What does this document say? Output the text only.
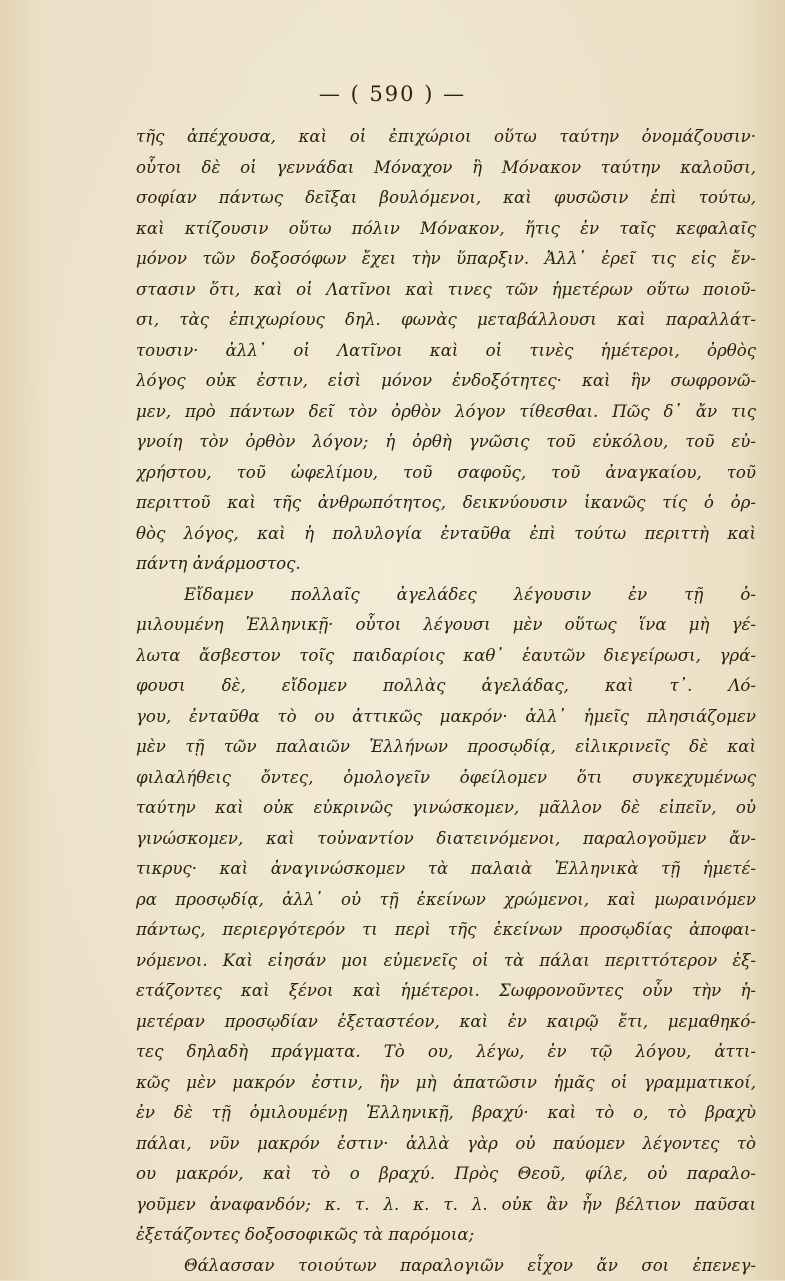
— ( 590 ) —
τῆς ἀπέχουσα, καὶ οἱ ἐπιχώριοι οὕτω ταύτην ὀνομάζουσιν·
οὗτοι δὲ οἱ γεννάδαι Μόναχον ἢ Μόνακον ταύτην καλοῦσι,
σοφίαν πάντως δεῖξαι βουλόμενοι, καὶ φυσῶσιν ἐπὶ τούτω,
καὶ κτίζουσιν οὕτω πόλιν Μόνακον, ἥτις ἐν ταῖς κεφαλαῖς
μόνον τῶν δοξοσόφων ἔχει τὴν ὕπαρξιν. Ἀλλ᾽ ἐρεῖ τις εἰς ἔν-
στασιν ὅτι, καὶ οἱ Λατῖνοι καὶ τινες τῶν ἡμετέρων οὕτω ποιοῦ-
σι, τὰς ἐπιχωρίους δηλ. φωνὰς μεταβάλλουσι καὶ παραλλάτ-
τουσιν· ἀλλ᾽ οἱ Λατῖνοι καὶ οἱ τινὲς ἡμέτεροι, ὀρθὸς
λόγος οὐκ ἐστιν, εἰσὶ μόνον ἐνδοξότητες· καὶ ἣν σωφρονῶ-
μεν, πρὸ πάντων δεῖ τὸν ὀρθὸν λόγον τίθεσθαι. Πῶς δ᾽ ἄν τις
γνοίη τὸν ὀρθὸν λόγον; ἡ ὀρθὴ γνῶσις τοῦ εὐκόλου, τοῦ εὐ-
χρήστου, τοῦ ὠφελίμου, τοῦ σαφοῦς, τοῦ ἀναγκαίου, τοῦ
περιττοῦ καὶ τῆς ἀνθρωπότητος, δεικνύουσιν ἱκανῶς τίς ὁ ὀρ-
θὸς λόγος, καὶ ἡ πολυλογία ἐνταῦθα ἐπὶ τούτω περιττὴ καὶ
πάντη ἀνάρμοστος.
Εἴδαμεν πολλαῖς ἀγελάδες λέγουσιν ἐν τῇ ὁ-
μιλουμένη Ἑλληνικῇ· οὗτοι λέγουσι μὲν οὕτως ἵνα μὴ γέ-
λωτα ἄσβεστον τοῖς παιδαρίοις καθ᾽ ἑαυτῶν διεγείρωσι, γρά-
φουσι δὲ, εἴδομεν πολλὰς ἀγελάδας, καὶ τ᾽. Λό-
γου, ἐνταῦθα τὸ ου ἀττικῶς μακρόν· ἀλλ᾽ ἡμεῖς πλησιάζομεν
μὲν τῇ τῶν παλαιῶν Ἑλλήνων προσῳδίᾳ, εἰλικρινεῖς δὲ καὶ
φιλαλήθεις ὄντες, ὁμολογεῖν ὀφείλομεν ὅτι συγκεχυμένως
ταύτην καὶ οὐκ εὐκρινῶς γινώσκομεν, μᾶλλον δὲ εἰπεῖν, οὐ
γινώσκομεν, καὶ τοὐναντίον διατεινόμενοι, παραλογοῦμεν ἄν-
τικρυς· καὶ ἀναγινώσκομεν τὰ παλαιὰ Ἑλληνικὰ τῇ ἡμετέ-
ρα προσῳδίᾳ, ἀλλ᾽ οὐ τῇ ἐκείνων χρώμενοι, καὶ μωραινόμεν
πάντως, περιεργότερόν τι περὶ τῆς ἐκείνων προσῳδίας ἀποφαι-
νόμενοι. Καὶ εἰησάν μοι εὐμενεῖς οἱ τὰ πάλαι περιττότερον ἐξ-
ετάζοντες καὶ ξένοι καὶ ἡμέτεροι. Σωφρονοῦντες οὖν τὴν ἡ-
μετέραν προσῳδίαν ἐξεταστέον, καὶ ἐν καιρῷ ἔτι, μεμαθηκό-
τες δηλαδὴ πράγματα. Τὸ ου, λέγω, ἐν τῷ λόγου, ἀττι-
κῶς μὲν μακρόν ἐστιν, ἣν μὴ ἀπατῶσιν ἡμᾶς οἱ γραμματικοί,
ἐν δὲ τῇ ὁμιλουμένῃ Ἑλληνικῇ, βραχύ· καὶ τὸ ο, τὸ βραχὺ
πάλαι, νῦν μακρόν ἐστιν· ἀλλὰ γὰρ οὐ παύομεν λέγοντες τὸ
ου μακρόν, καὶ τὸ ο βραχύ. Πρὸς Θεοῦ, φίλε, οὐ παραλο-
γοῦμεν ἀναφανδόν; κ. τ. λ. κ. τ. λ. οὐκ ἂν ἦν βέλτιον παῦσαι
ἐξετάζοντες δοξοσοφικῶς τὰ παρόμοια;
Θάλασσαν τοιούτων παραλογιῶν εἶχον ἄν σοι ἐπενεγ-
